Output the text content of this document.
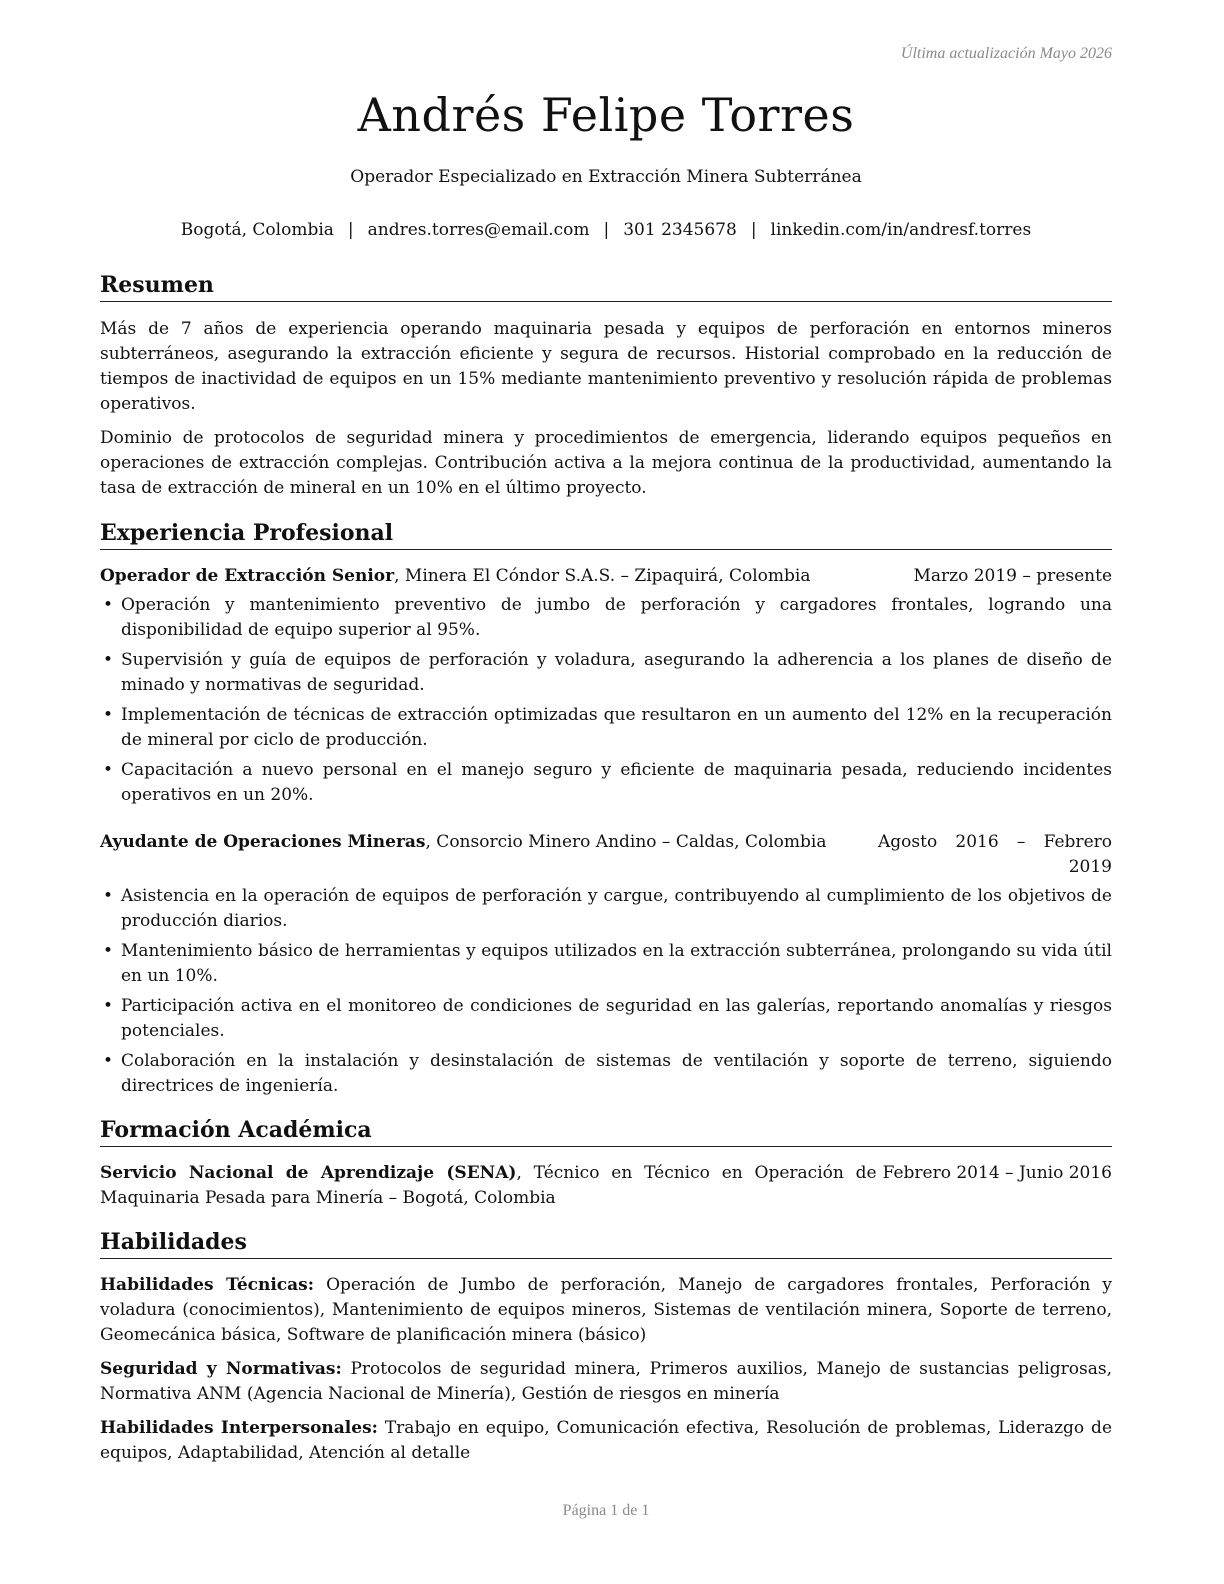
Última actualización Mayo 2026
Andrés Felipe Torres
Operador Especializado en Extracción Minera Subterránea
Bogotá, Colombia | andres.torres@email.com | 301 2345678 | linkedin.com/in/andresf.torres
Resumen

Más de 7 años de experiencia operando maquinaria pesada y equipos de perforación en entornos mineros subterráneos, asegurando la extracción eficiente y segura de recursos. Historial comprobado en la reducción de tiempos de inactividad de equipos en un 15% mediante mantenimiento preventivo y resolución rápida de problemas operativos.

Dominio de protocolos de seguridad minera y procedimientos de emergencia, liderando equipos pequeños en operaciones de extracción complejas. Contribución activa a la mejora continua de la productividad, aumentando la tasa de extracción de mineral en un 10% en el último proyecto.

Experiencia Profesional
Operador de Extracción Senior, Minera El Cóndor S.A.S. – Zipaquirá, Colombia	Marzo 2019 – presente
• Operación y mantenimiento preventivo de jumbo de perforación y cargadores frontales, logrando una disponibilidad de equipo superior al 95%.
• Supervisión y guía de equipos de perforación y voladura, asegurando la adherencia a los planes de diseño de minado y normativas de seguridad.
• Implementación de técnicas de extracción optimizadas que resultaron en un aumento del 12% en la recuperación de mineral por ciclo de producción.
• Capacitación a nuevo personal en el manejo seguro y eficiente de maquinaria pesada, reduciendo incidentes operativos en un 20%.
Ayudante de Operaciones Mineras, Consorcio Minero Andino – Caldas, Colombia	Agosto 2016 – Febrero 2019
• Asistencia en la operación de equipos de perforación y cargue, contribuyendo al cumplimiento de los objetivos de producción diarios.
• Mantenimiento básico de herramientas y equipos utilizados en la extracción subterránea, prolongando su vida útil en un 10%.
• Participación activa en el monitoreo de condiciones de seguridad en las galerías, reportando anomalías y riesgos potenciales.
• Colaboración en la instalación y desinstalación de sistemas de ventilación y soporte de terreno, siguiendo directrices de ingeniería.
Formación Académica
Servicio Nacional de Aprendizaje (SENA), Técnico en Técnico en Operación de Maquinaria Pesada para Minería – Bogotá, Colombia
Febrero 2014 – Junio 2016
Habilidades

Habilidades Técnicas: Operación de Jumbo de perforación, Manejo de cargadores frontales, Perforación y voladura (conocimientos), Mantenimiento de equipos mineros, Sistemas de ventilación minera, Soporte de terreno, Geomecánica básica, Software de planificación minera (básico)

Seguridad y Normativas: Protocolos de seguridad minera, Primeros auxilios, Manejo de sustancias peligrosas, Normativa ANM (Agencia Nacional de Minería), Gestión de riesgos en minería

Habilidades Interpersonales: Trabajo en equipo, Comunicación efectiva, Resolución de problemas, Liderazgo de equipos, Adaptabilidad, Atención al detalle

Página 1 de 1
